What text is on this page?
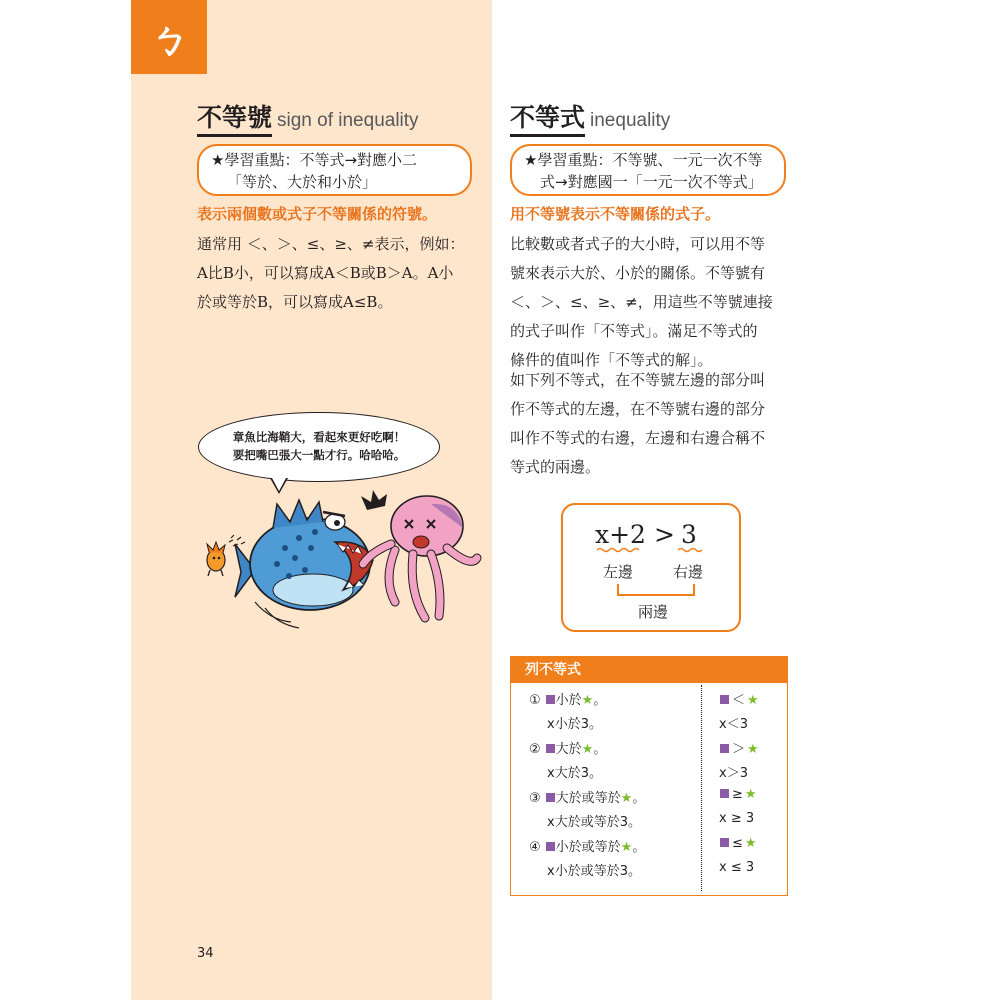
ㄅ
不等號 sign of inequality
★學習重點：不等式→對應小二
「等於、大於和小於」
表示兩個數或式子不等關係的符號。

通常用 ＜、＞、≤、≥、≠表示，例如：

A比B小，可以寫成A＜B或B＞A。A小

於或等於B，可以寫成A≤B。

章魚比海鞘大，看起來更好吃啊！
要把嘴巴張大一點才行。哈哈哈。
不等式 inequality
★學習重點：不等號、一元一次不等
式→對應國一「一元一次不等式」
用不等號表示不等關係的式子。

比較數或者式子的大小時，可以用不等

號來表示大於、小於的關係。不等號有

＜、＞、≤、≥、≠，用這些不等號連接

的式子叫作「不等式」。滿足不等式的

條件的值叫作「不等式的解」。

如下列不等式，在不等號左邊的部分叫

作不等式的左邊，在不等號右邊的部分

叫作不等式的右邊，左邊和右邊合稱不

等式的兩邊。

x+2 > 3
左邊	右邊
兩邊
列不等式
① 小於★。
x小於3。
＜ ★
x＜3
② 大於★。
x大於3。
＞ ★
x＞3
③ 大於或等於★。
x大於或等於3。
≥ ★
x ≥ 3
④ 小於或等於★。
x小於或等於3。
≤ ★
x ≤ 3
34
